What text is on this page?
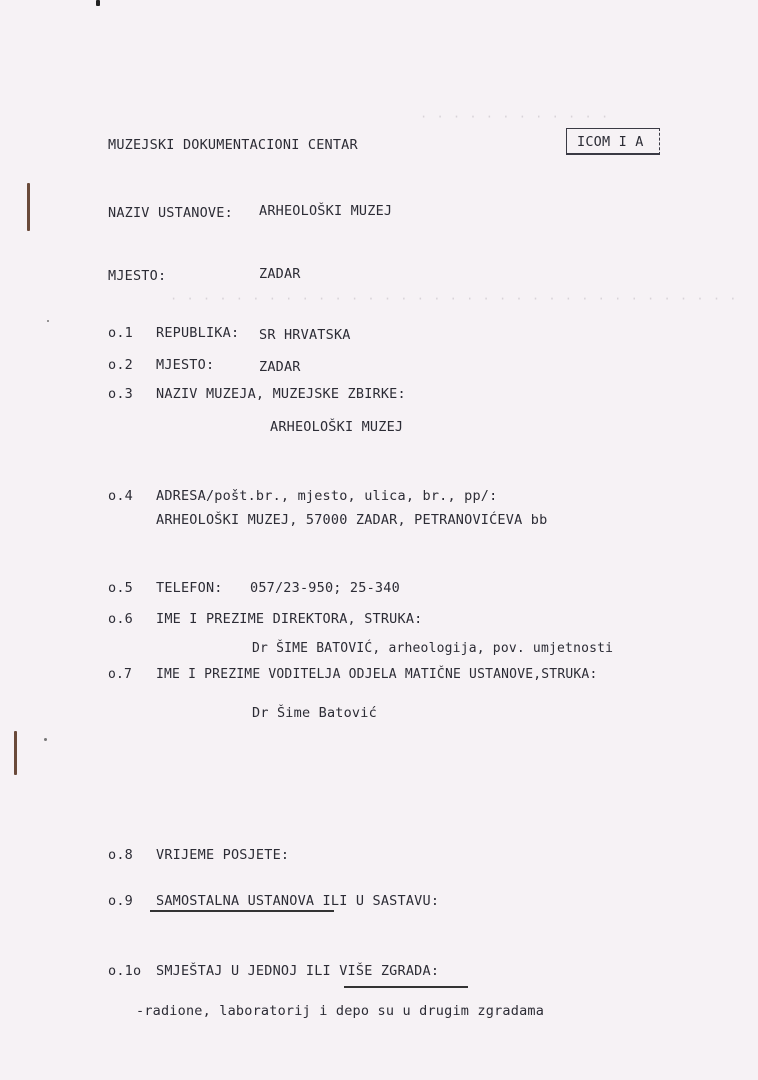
· · · · · · · · · · · ·
· · · · · · · · · · · · · · · · · · · · · · · · · · · · · · · · · · ·
MUZEJSKI DOKUMENTACIONI CENTAR	ICOM I A
NAZIV USTANOVE: ARHEOLOŠKI MUZEJ
MJESTO:	ZADAR
o.1 REPUBLIKA: SR HRVATSKA
o.2 MJESTO:	ZADAR
o.3 NAZIV MUZEJA, MUZEJSKE ZBIRKE:
ARHEOLOŠKI MUZEJ
o.4 ADRESA/pošt.br., mjesto, ulica, br., pp/:
ARHEOLOŠKI MUZEJ, 57000 ZADAR, PETRANOVIĆEVA bb
o.5 TELEFON: 057/23-950; 25-340
o.6 IME I PREZIME DIREKTORA, STRUKA:
Dr ŠIME BATOVIĆ, arheologija, pov. umjetnosti
o.7 IME I PREZIME VODITELJA ODJELA MATIČNE USTANOVE,STRUKA:
Dr Šime Batović
o.8 VRIJEME POSJETE:
o.9 SAMOSTALNA USTANOVA ILI U SASTAVU:
o.1o SMJEŠTAJ U JEDNOJ ILI VIŠE ZGRADA:
-radione, laboratorij i depo su u drugim zgradama
